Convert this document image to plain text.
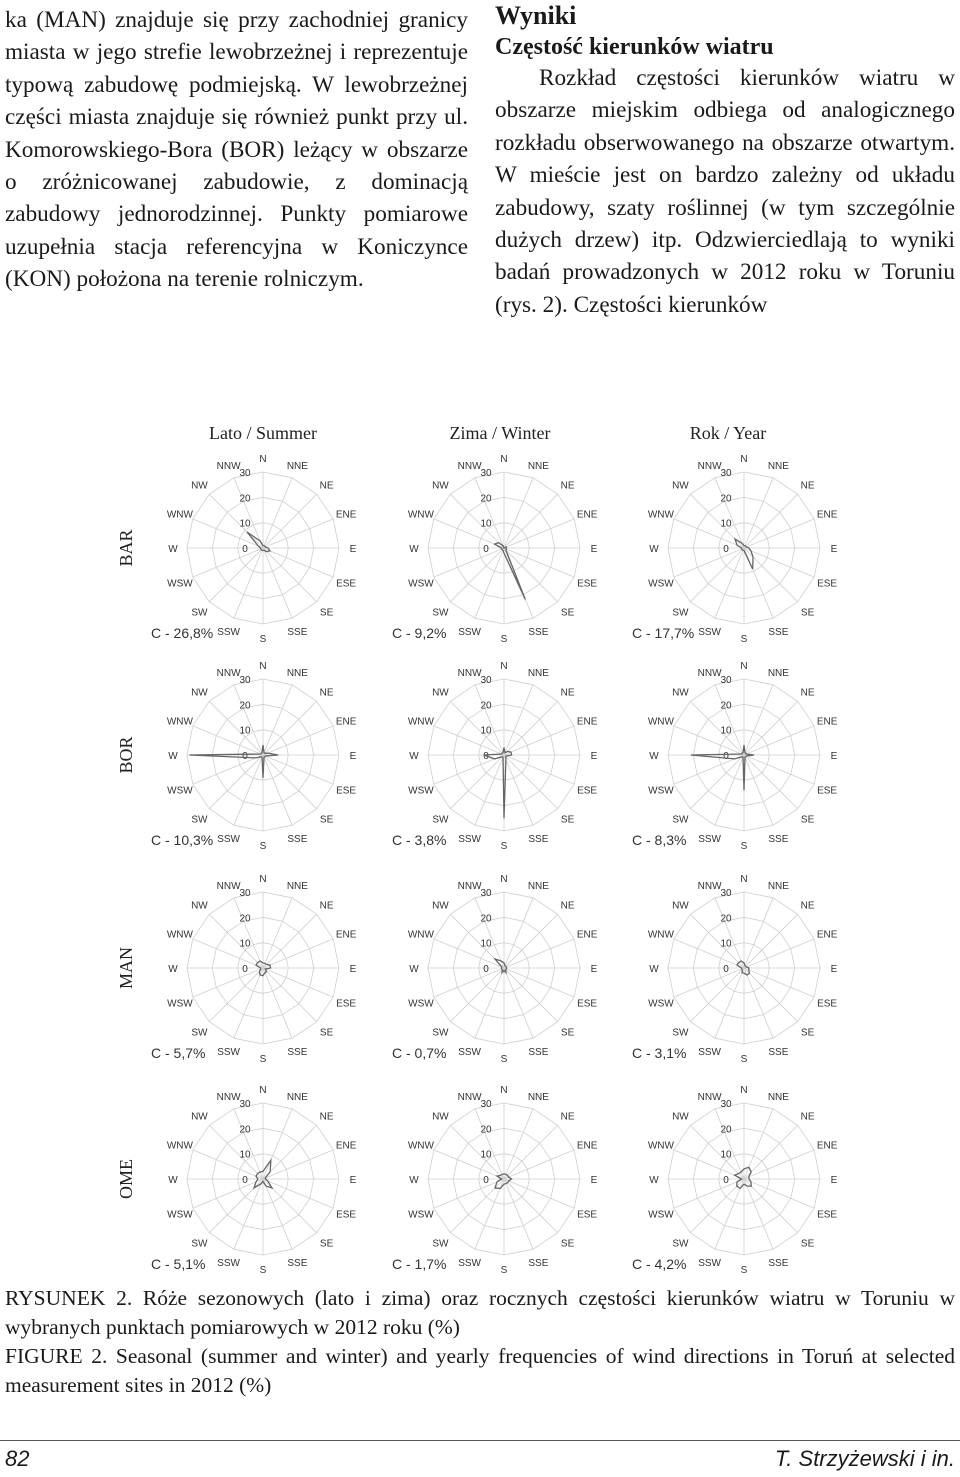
ka (MAN) znajduje się przy zachodniej granicy miasta w jego strefie lewobrzeżnej i reprezentuje typową zabudowę podmiejską. W lewobrzeżnej części miasta znajduje się również punkt przy ul. Komorowskiego-Bora (BOR) leżący w obszarze o zróżnicowanej zabudowie, z dominacją zabudowy jednorodzinnej. Punkty pomiarowe uzupełnia stacja referencyjna w Koniczynce (KON) położona na terenie rolniczym.

Wyniki

Częstość kierunków wiatru

Rozkład częstości kierunków wiatru w obszarze miejskim odbiega od analogicznego rozkładu obserwowanego na obszarze otwartym. W mieście jest on bardzo zależny od układu zabudowy, szaty roślinnej (w tym szczególnie dużych drzew) itp. Odzwierciedlają to wyniki badań prowadzonych w 2012 roku w Toruniu (rys. 2). Częstości kierunków

Lato / Summer	Zima / Winter	Rok / Year
BAR
BOR
MAN
OME
N
NNE
NE
ENE
E
ESE
SE
SSE
S
SSW
SW
WSW
W
WNW
NW
NNW
0
10
20
30
C - 26,8%
N
NNE
NE
ENE
E
ESE
SE
SSE
S
SSW
SW
WSW
W
WNW
NW
NNW
0
10
20
30
C - 9,2%
N
NNE
NE
ENE
E
ESE
SE
SSE
S
SSW
SW
WSW
W
WNW
NW
NNW
0
10
20
30
C - 17,7%
N
NNE
NE
ENE
E
ESE
SE
SSE
S
SSW
SW
WSW
W
WNW
NW
NNW
0
10
20
30
C - 10,3%
N
NNE
NE
ENE
E
ESE
SE
SSE
S
SSW
SW
WSW
W
WNW
NW
NNW
0
10
20
30
C - 3,8%
N
NNE
NE
ENE
E
ESE
SE
SSE
S
SSW
SW
WSW
W
WNW
NW
NNW
0
10
20
30
C - 8,3%
N
NNE
NE
ENE
E
ESE
SE
SSE
S
SSW
SW
WSW
W
WNW
NW
NNW
0
10
20
30
C - 5,7%
N
NNE
NE
ENE
E
ESE
SE
SSE
S
SSW
SW
WSW
W
WNW
NW
NNW
0
10
20
30
C - 0,7%
N
NNE
NE
ENE
E
ESE
SE
SSE
S
SSW
SW
WSW
W
WNW
NW
NNW
0
10
20
30
C - 3,1%
N
NNE
NE
ENE
E
ESE
SE
SSE
S
SSW
SW
WSW
W
WNW
NW
NNW
0
10
20
30
C - 5,1%
N
NNE
NE
ENE
E
ESE
SE
SSE
S
SSW
SW
WSW
W
WNW
NW
NNW
0
10
20
30
C - 1,7%
N
NNE
NE
ENE
E
ESE
SE
SSE
S
SSW
SW
WSW
W
WNW
NW
NNW
0
10
20
30
C - 4,2%

RYSUNEK 2. Róże sezonowych (lato i zima) oraz rocznych częstości kierunków wiatru w Toruniu w wybranych punktach pomiarowych w 2012 roku (%)

FIGURE 2. Seasonal (summer and winter) and yearly frequencies of wind directions in Toruń at selected measurement sites in 2012 (%)

82	T. Strzyżewski i in.
